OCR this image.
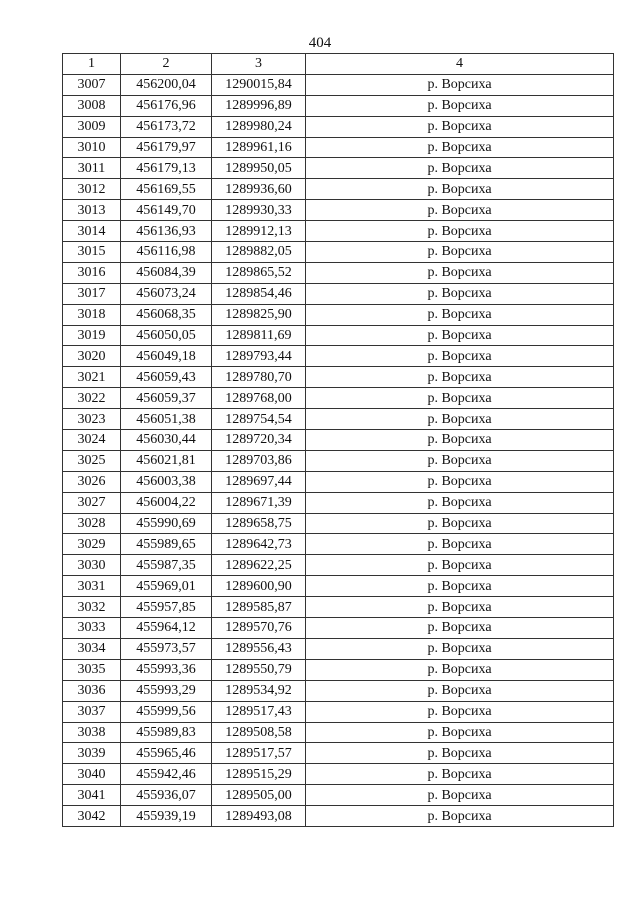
404
1	2	3	4
3007	456200,04	1290015,84	р. Ворсиха
3008	456176,96	1289996,89	р. Ворсиха
3009	456173,72	1289980,24	р. Ворсиха
3010	456179,97	1289961,16	р. Ворсиха
3011	456179,13	1289950,05	р. Ворсиха
3012	456169,55	1289936,60	р. Ворсиха
3013	456149,70	1289930,33	р. Ворсиха
3014	456136,93	1289912,13	р. Ворсиха
3015	456116,98	1289882,05	р. Ворсиха
3016	456084,39	1289865,52	р. Ворсиха
3017	456073,24	1289854,46	р. Ворсиха
3018	456068,35	1289825,90	р. Ворсиха
3019	456050,05	1289811,69	р. Ворсиха
3020	456049,18	1289793,44	р. Ворсиха
3021	456059,43	1289780,70	р. Ворсиха
3022	456059,37	1289768,00	р. Ворсиха
3023	456051,38	1289754,54	р. Ворсиха
3024	456030,44	1289720,34	р. Ворсиха
3025	456021,81	1289703,86	р. Ворсиха
3026	456003,38	1289697,44	р. Ворсиха
3027	456004,22	1289671,39	р. Ворсиха
3028	455990,69	1289658,75	р. Ворсиха
3029	455989,65	1289642,73	р. Ворсиха
3030	455987,35	1289622,25	р. Ворсиха
3031	455969,01	1289600,90	р. Ворсиха
3032	455957,85	1289585,87	р. Ворсиха
3033	455964,12	1289570,76	р. Ворсиха
3034	455973,57	1289556,43	р. Ворсиха
3035	455993,36	1289550,79	р. Ворсиха
3036	455993,29	1289534,92	р. Ворсиха
3037	455999,56	1289517,43	р. Ворсиха
3038	455989,83	1289508,58	р. Ворсиха
3039	455965,46	1289517,57	р. Ворсиха
3040	455942,46	1289515,29	р. Ворсиха
3041	455936,07	1289505,00	р. Ворсиха
3042	455939,19	1289493,08	р. Ворсиха
